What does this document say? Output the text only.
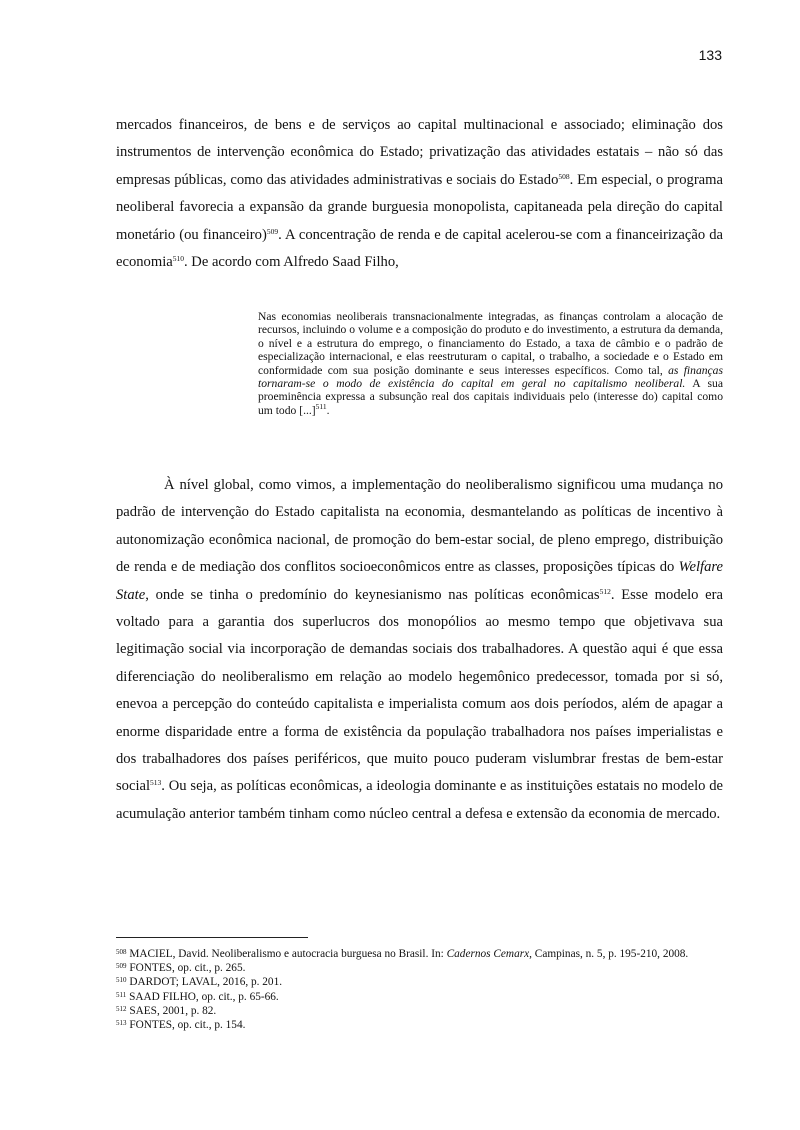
133

mercados financeiros, de bens e de serviços ao capital multinacional e associado; eliminação dos instrumentos de intervenção econômica do Estado; privatização das atividades estatais – não só das empresas públicas, como das atividades administrativas e sociais do Estado$^{508}$. Em especial, o programa neoliberal favorecia a expansão da grande burguesia monopolista, capitaneada pela direção do capital monetário (ou financeiro)$^{509}$. A concentração de renda e de capital acelerou-se com a financeirização da economia$^{510}$. De acordo com Alfredo Saad Filho,

Nas economias neoliberais transnacionalmente integradas, as finanças controlam a alocação de recursos, incluindo o volume e a composição do produto e do investimento, a estrutura da demanda, o nível e a estrutura do emprego, o financiamento do Estado, a taxa de câmbio e o padrão de especialização internacional, e elas reestruturam o capital, o trabalho, a sociedade e o Estado em conformidade com sua posição dominante e seus interesses específicos. Como tal, as finanças tornaram-se o modo de existência do capital em geral no capitalismo neoliberal. A sua proeminência expressa a subsunção real dos capitais individuais pelo (interesse do) capital como um todo [...]$^{511}$.

À nível global, como vimos, a implementação do neoliberalismo significou uma mudança no padrão de intervenção do Estado capitalista na economia, desmantelando as políticas de incentivo à autonomização econômica nacional, de promoção do bem-estar social, de pleno emprego, distribuição de renda e de mediação dos conflitos socioeconômicos entre as classes, proposições típicas do Welfare State, onde se tinha o predomínio do keynesianismo nas políticas econômicas$^{512}$. Esse modelo era voltado para a garantia dos superlucros dos monopólios ao mesmo tempo que objetivava sua legitimação social via incorporação de demandas sociais dos trabalhadores. A questão aqui é que essa diferenciação do neoliberalismo em relação ao modelo hegemônico predecessor, tomada por si só, enevoa a percepção do conteúdo capitalista e imperialista comum aos dois períodos, além de apagar a enorme disparidade entre a forma de existência da população trabalhadora nos países imperialistas e dos trabalhadores dos países periféricos, que muito pouco puderam vislumbrar frestas de bem-estar social$^{513}$. Ou seja, as políticas econômicas, a ideologia dominante e as instituições estatais no modelo de acumulação anterior também tinham como núcleo central a defesa e extensão da economia de mercado.

$^{508}$ MACIEL, David. Neoliberalismo e autocracia burguesa no Brasil. In: Cadernos Cemarx, Campinas, n. 5, p. 195-210, 2008.

$^{509}$ FONTES, op. cit., p. 265.

$^{510}$ DARDOT; LAVAL, 2016, p. 201.

$^{511}$ SAAD FILHO, op. cit., p. 65-66.

$^{512}$ SAES, 2001, p. 82.

$^{513}$ FONTES, op. cit., p. 154.
